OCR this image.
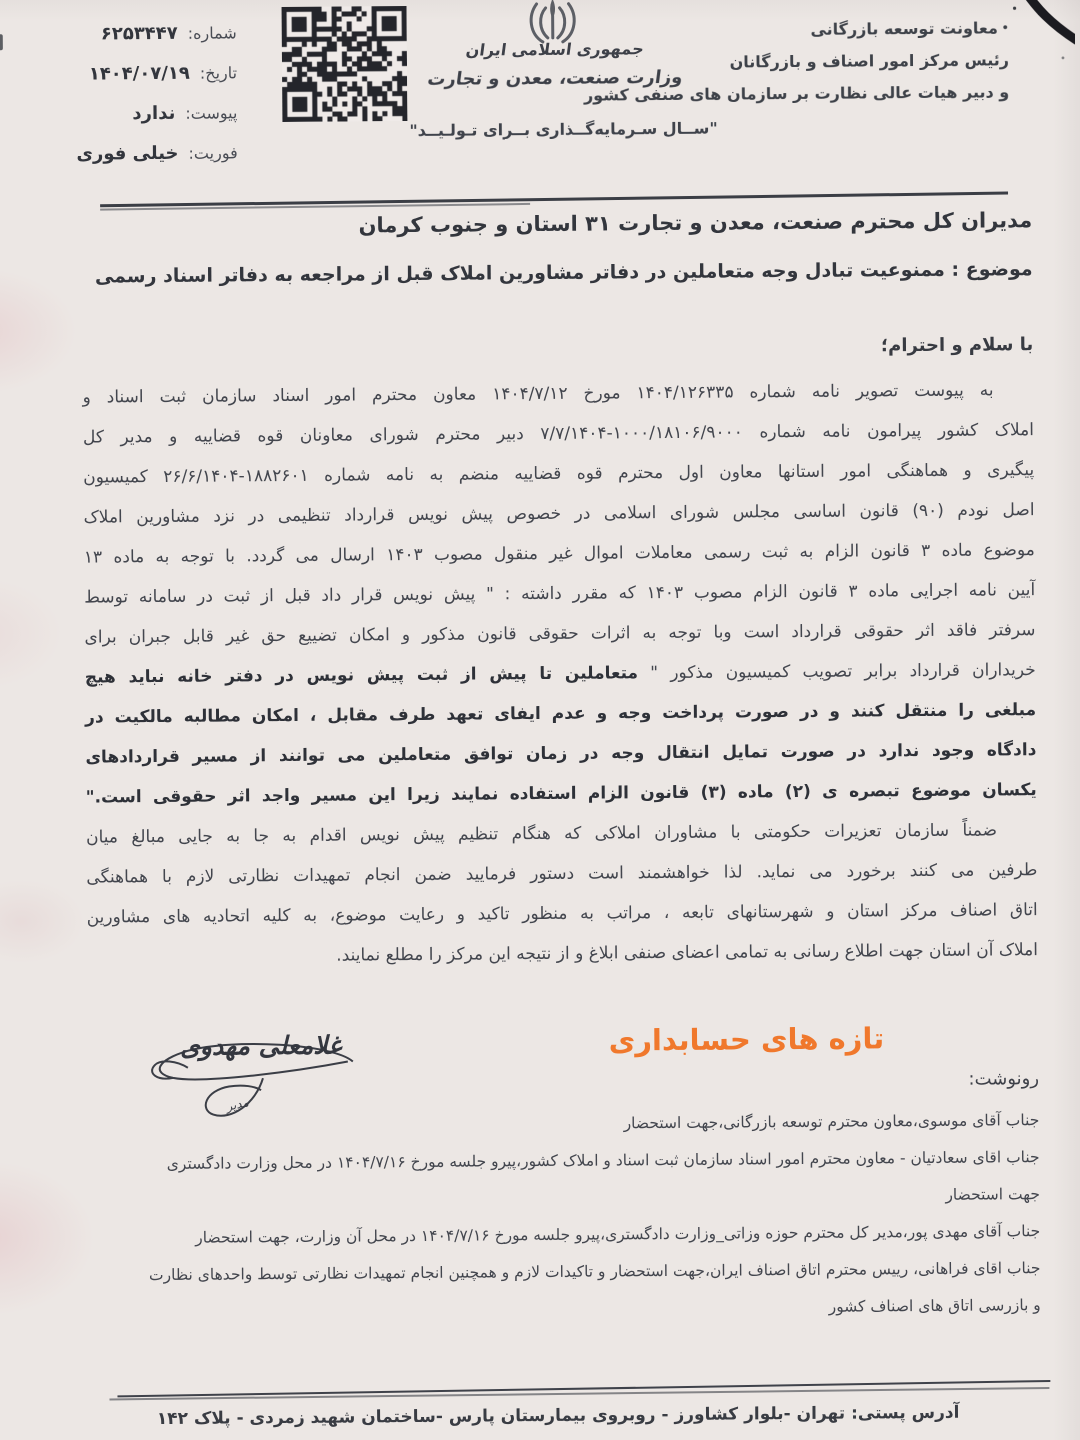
شماره:
۶۲۵۳۴۴۷
تاریخ:
۱۴۰۴/۰۷/۱۹
پیوست:
ندارد
فوریت:
خیلی فوری
جمهوری اسلامی ایران
وزارت صنعت، معدن و تجارت
"ســال سـرمایه‌گــذاری بــرای تـولـیــد"
• معاونت توسعه بازرگانی
رئیس مرکز امور اصناف و بازرگانان
و دبیر هیات عالی نظارت بر سازمان های صنفی کشور
مدیران کل محترم صنعت، معدن و تجارت ۳۱ استان و جنوب کرمان
موضوع : ممنوعیت تبادل وجه متعاملین در دفاتر مشاورین املاک قبل از مراجعه به دفاتر اسناد رسمی
با سلام و احترام؛
به پیوست تصویر نامه شماره ۱۴۰۴/۱۲۶۳۳۵ مورخ ۱۴۰۴/۷/۱۲ معاون محترم امور اسناد سازمان ثبت اسناد و
املاک کشور پیرامون نامه شماره ۱۰۰۰/۱۸۱۰۶/۹۰۰۰-۷/۷/۱۴۰۴ دبیر محترم شورای معاونان قوه قضاییه و مدیر کل
پیگیری و هماهنگی امور استانها معاون اول محترم قوه قضاییه منضم به نامه شماره ۱۸۸۲۶۰۱-۲۶/۶/۱۴۰۴ کمیسیون
اصل نودم (۹۰) قانون اساسی مجلس شورای اسلامی در خصوص پیش نویس قرارداد تنظیمی در نزد مشاورین املاک
موضوع ماده ۳ قانون الزام به ثبت رسمی معاملات اموال غیر منقول مصوب ۱۴۰۳ ارسال می گردد. با توجه به ماده ۱۳
آیین نامه اجرایی ماده ۳ قانون الزام مصوب ۱۴۰۳ که مقرر داشته : " پیش نویس قرار داد قبل از ثبت در سامانه توسط
سرفتر فاقد اثر حقوقی قرارداد است وبا توجه به اثرات حقوقی قانون مذکور و امکان تضییع حق غیر قابل جبران برای
خریداران قرارداد برابر تصویب کمیسیون مذکور " متعاملین تا پیش از ثبت پیش نویس در دفتر خانه نباید هیچ
مبلغی را منتقل کنند و در صورت پرداخت وجه و عدم ایفای تعهد طرف مقابل ، امکان مطالبه مالکیت در
دادگاه وجود ندارد در صورت تمایل انتقال وجه در زمان توافق متعاملین می توانند از مسیر قراردادهای
یکسان موضوع تبصره ی (۲) ماده (۳) قانون الزام استفاده نمایند زیرا این مسیر واجد اثر حقوقی است."
ضمناً سازمان تعزیرات حکومتی با مشاوران املاکی که هنگام تنظیم پیش نویس اقدام به جا به جایی مبالغ میان
طرفین می کنند برخورد می نماید. لذا خواهشمند است دستور فرمایید ضمن انجام تمهیدات نظارتی لازم با هماهنگی
اتاق اصناف مرکز استان و شهرستانهای تابعه ، مراتب به منظور تاکید و رعایت موضوع، به کلیه اتحادیه های مشاورین
املاک آن استان جهت اطلاع رسانی به تمامی اعضای صنفی ابلاغ و از نتیجه این مرکز را مطلع نمایند.
غلامعلی مهدوی
مدیر
تازه های حسابداری
رونوشت:
جناب آقای موسوی،معاون محترم توسعه بازرگانی،جهت استحضار
جناب اقای سعادتیان - معاون محترم امور اسناد سازمان ثبت اسناد و املاک کشور،پیرو جلسه مورخ ۱۴۰۴/۷/۱۶ در محل وزارت دادگستری
جهت استحضار
جناب آقای مهدی پور،مدیر کل محترم حوزه وزاتی_وزارت دادگستری،پیرو جلسه مورخ ۱۴۰۴/۷/۱۶ در محل آن وزارت، جهت استحضار
جناب اقای فراهانی، رییس محترم اتاق اصناف ایران،جهت استحضار و تاکیدات لازم و همچنین انجام تمهیدات نظارتی توسط واحدهای نظارت
و بازرسی اتاق های اصناف کشور
آدرس پستی: تهران -بلوار کشاورز - روبروی بیمارستان پارس -ساختمان شهید زمردی - پلاک ۱۴۲
